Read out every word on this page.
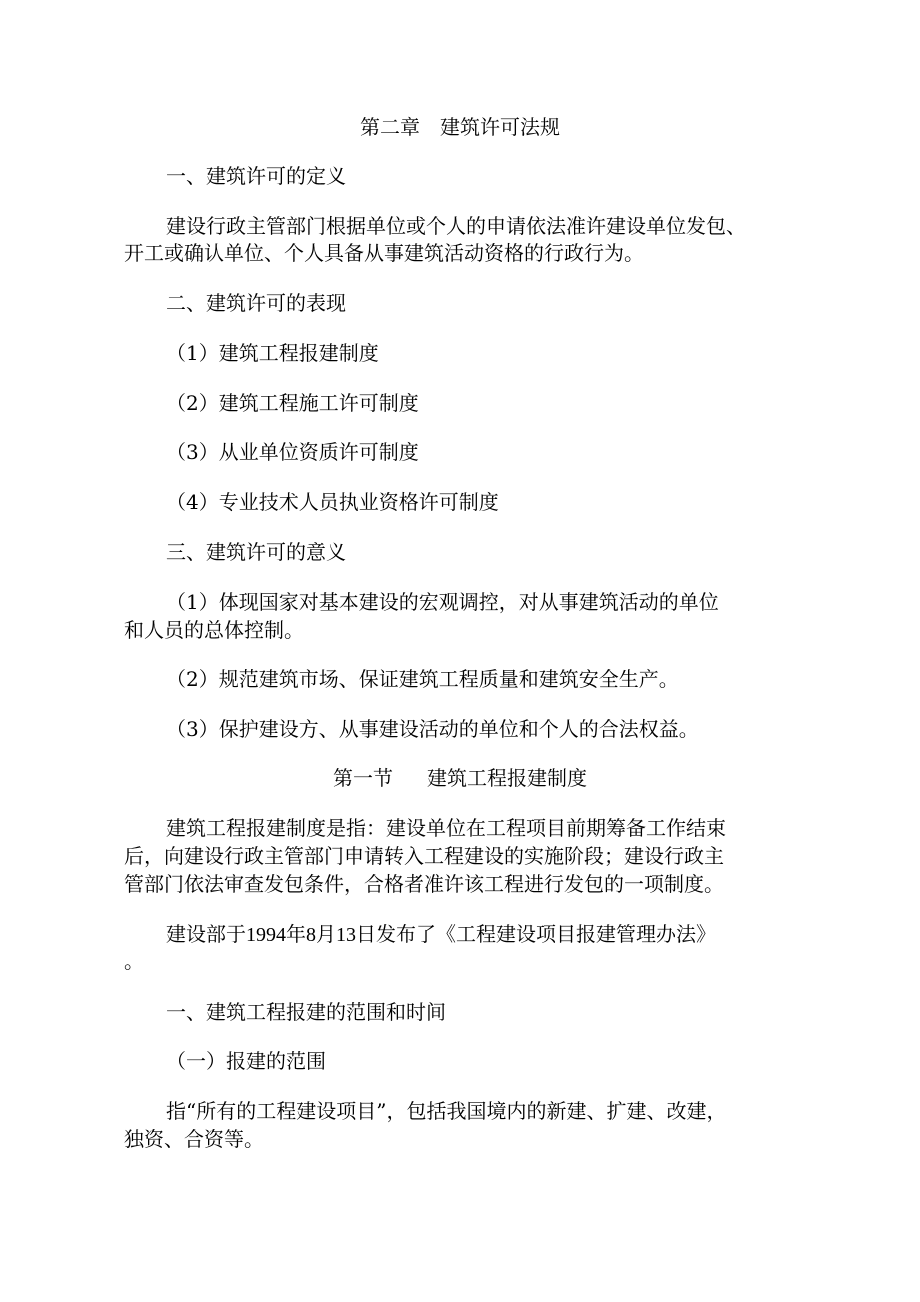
第二章 建筑许可法规
一、建筑许可的定义
建设行政主管部门根据单位或个人的申请依法准许建设单位发包、
开工或确认单位、个人具备从事建筑活动资格的行政行为。
二、建筑许可的表现
（1）建筑工程报建制度
（2）建筑工程施工许可制度
（3）从业单位资质许可制度
（4）专业技术人员执业资格许可制度
三、建筑许可的意义
（1）体现国家对基本建设的宏观调控，对从事建筑活动的单位
和人员的总体控制。
（2）规范建筑市场、保证建筑工程质量和建筑安全生产。
（3）保护建设方、从事建设活动的单位和个人的合法权益。
第一节 建筑工程报建制度
建筑工程报建制度是指：建设单位在工程项目前期筹备工作结束
后，向建设行政主管部门申请转入工程建设的实施阶段；建设行政主
管部门依法审查发包条件，合格者准许该工程进行发包的一项制度。
建设部于1994年8月13日发布了《工程建设项目报建管理办法》
。
一、建筑工程报建的范围和时间
（一）报建的范围
指“所有的工程建设项目”，包括我国境内的新建、扩建、改建，
独资、合资等。
